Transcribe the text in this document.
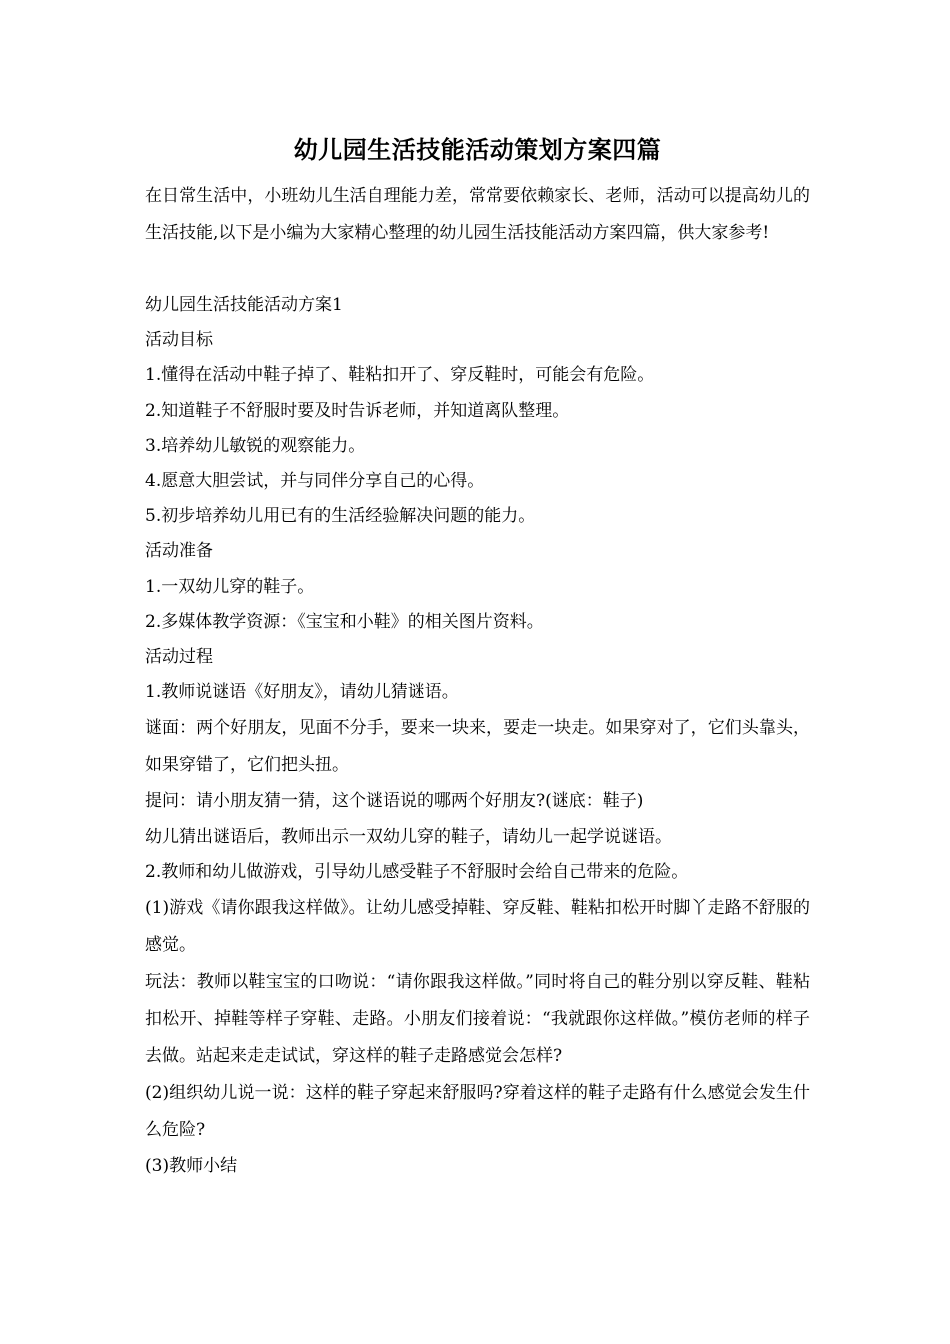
幼儿园生活技能活动策划方案四篇

在日常生活中，小班幼儿生活自理能力差，常常要依赖家长、老师，活动可以提高幼儿的生活技能,以下是小编为大家精心整理的幼儿园生活技能活动方案四篇，供大家参考!

幼儿园生活技能活动方案1

活动目标

1.懂得在活动中鞋子掉了、鞋粘扣开了、穿反鞋时，可能会有危险。

2.知道鞋子不舒服时要及时告诉老师，并知道离队整理。

3.培养幼儿敏锐的观察能力。

4.愿意大胆尝试，并与同伴分享自己的心得。

5.初步培养幼儿用已有的生活经验解决问题的能力。

活动准备

1.一双幼儿穿的鞋子。

2.多媒体教学资源：《宝宝和小鞋》的相关图片资料。

活动过程

1.教师说谜语《好朋友》，请幼儿猜谜语。

谜面：两个好朋友，见面不分手，要来一块来，要走一块走。如果穿对了，它们头靠头，如果穿错了，它们把头扭。

提问：请小朋友猜一猜，这个谜语说的哪两个好朋友?(谜底：鞋子)

幼儿猜出谜语后，教师出示一双幼儿穿的鞋子，请幼儿一起学说谜语。

2.教师和幼儿做游戏，引导幼儿感受鞋子不舒服时会给自己带来的危险。

(1)游戏《请你跟我这样做》。让幼儿感受掉鞋、穿反鞋、鞋粘扣松开时脚丫走路不舒服的感觉。

玩法：教师以鞋宝宝的口吻说：“请你跟我这样做。”同时将自己的鞋分别以穿反鞋、鞋粘扣松开、掉鞋等样子穿鞋、走路。小朋友们接着说：“我就跟你这样做。”模仿老师的样子去做。站起来走走试试，穿这样的鞋子走路感觉会怎样?

(2)组织幼儿说一说：这样的鞋子穿起来舒服吗?穿着这样的鞋子走路有什么感觉会发生什么危险?

(3)教师小结
